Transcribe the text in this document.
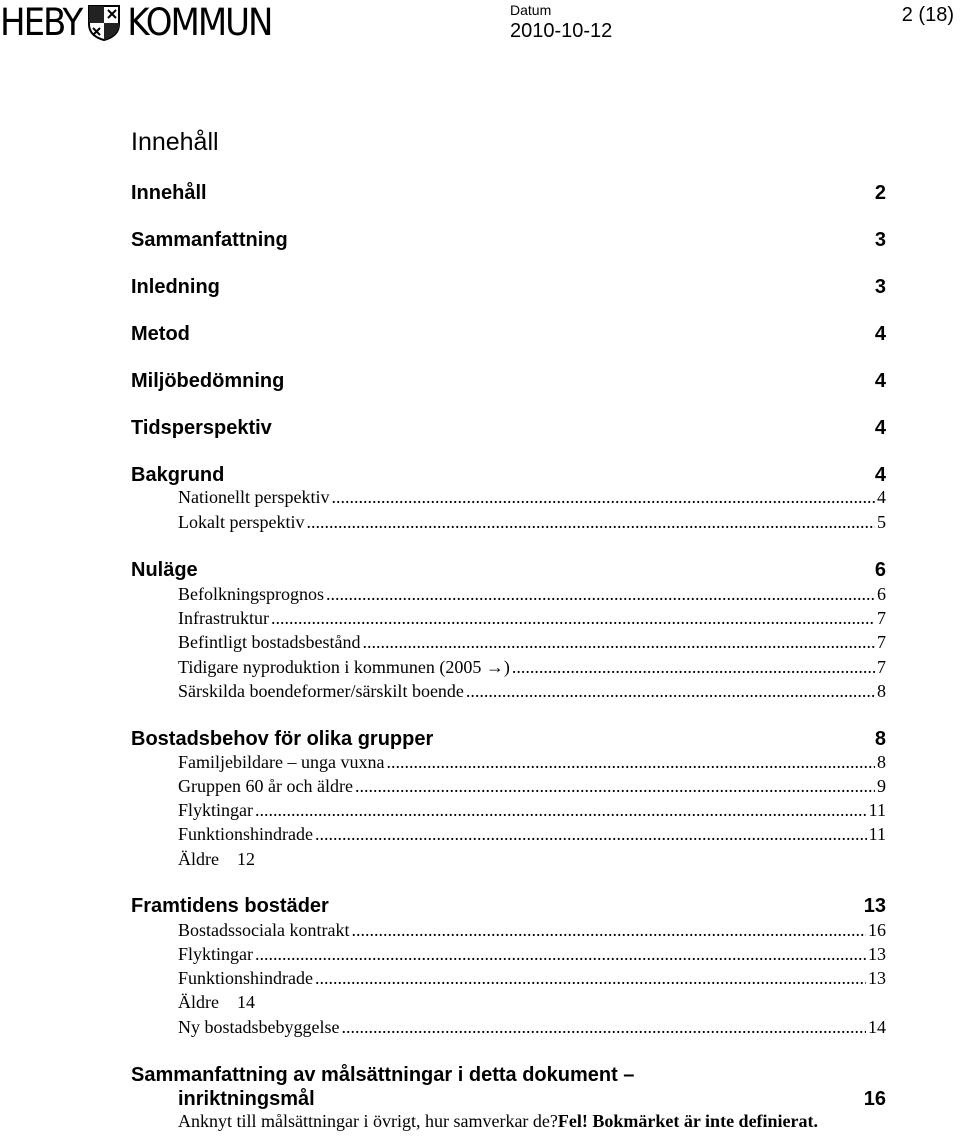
HEBY KOMMUN	Datum
2010-10-12
2 (18)
Innehåll
Innehåll	2
Sammanfattning	3
Inledning	3
Metod	4
Miljöbedömning	4
Tidsperspektiv	4
Bakgrund	4
Nationellt perspektiv .....	4
Lokalt perspektiv .....	5
Nuläge	6
Befolkningsprognos .....	6
Infrastruktur .....	7
Befintligt bostadsbestånd .....	7
Tidigare nyproduktion i kommunen (2005 →) .....	7
Särskilda boendeformer/särskilt boende .....	8
Bostadsbehov för olika grupper	8
Familjebildare – unga vuxna .....	8
Gruppen 60 år och äldre .....	9
Flyktingar .....	11
Funktionshindrade .....	11
Äldre 12
Framtidens bostäder	13
Bostadssociala kontrakt .....	16
Flyktingar .....	13
Funktionshindrade .....	13
Äldre 14
Ny bostadsbebyggelse .....	14
Sammanfattning av målsättningar i detta dokument –
inriktningsmål	16
Anknyt till målsättningar i övrigt, hur samverkar de?Fel! Bokmärket är inte definierat.
